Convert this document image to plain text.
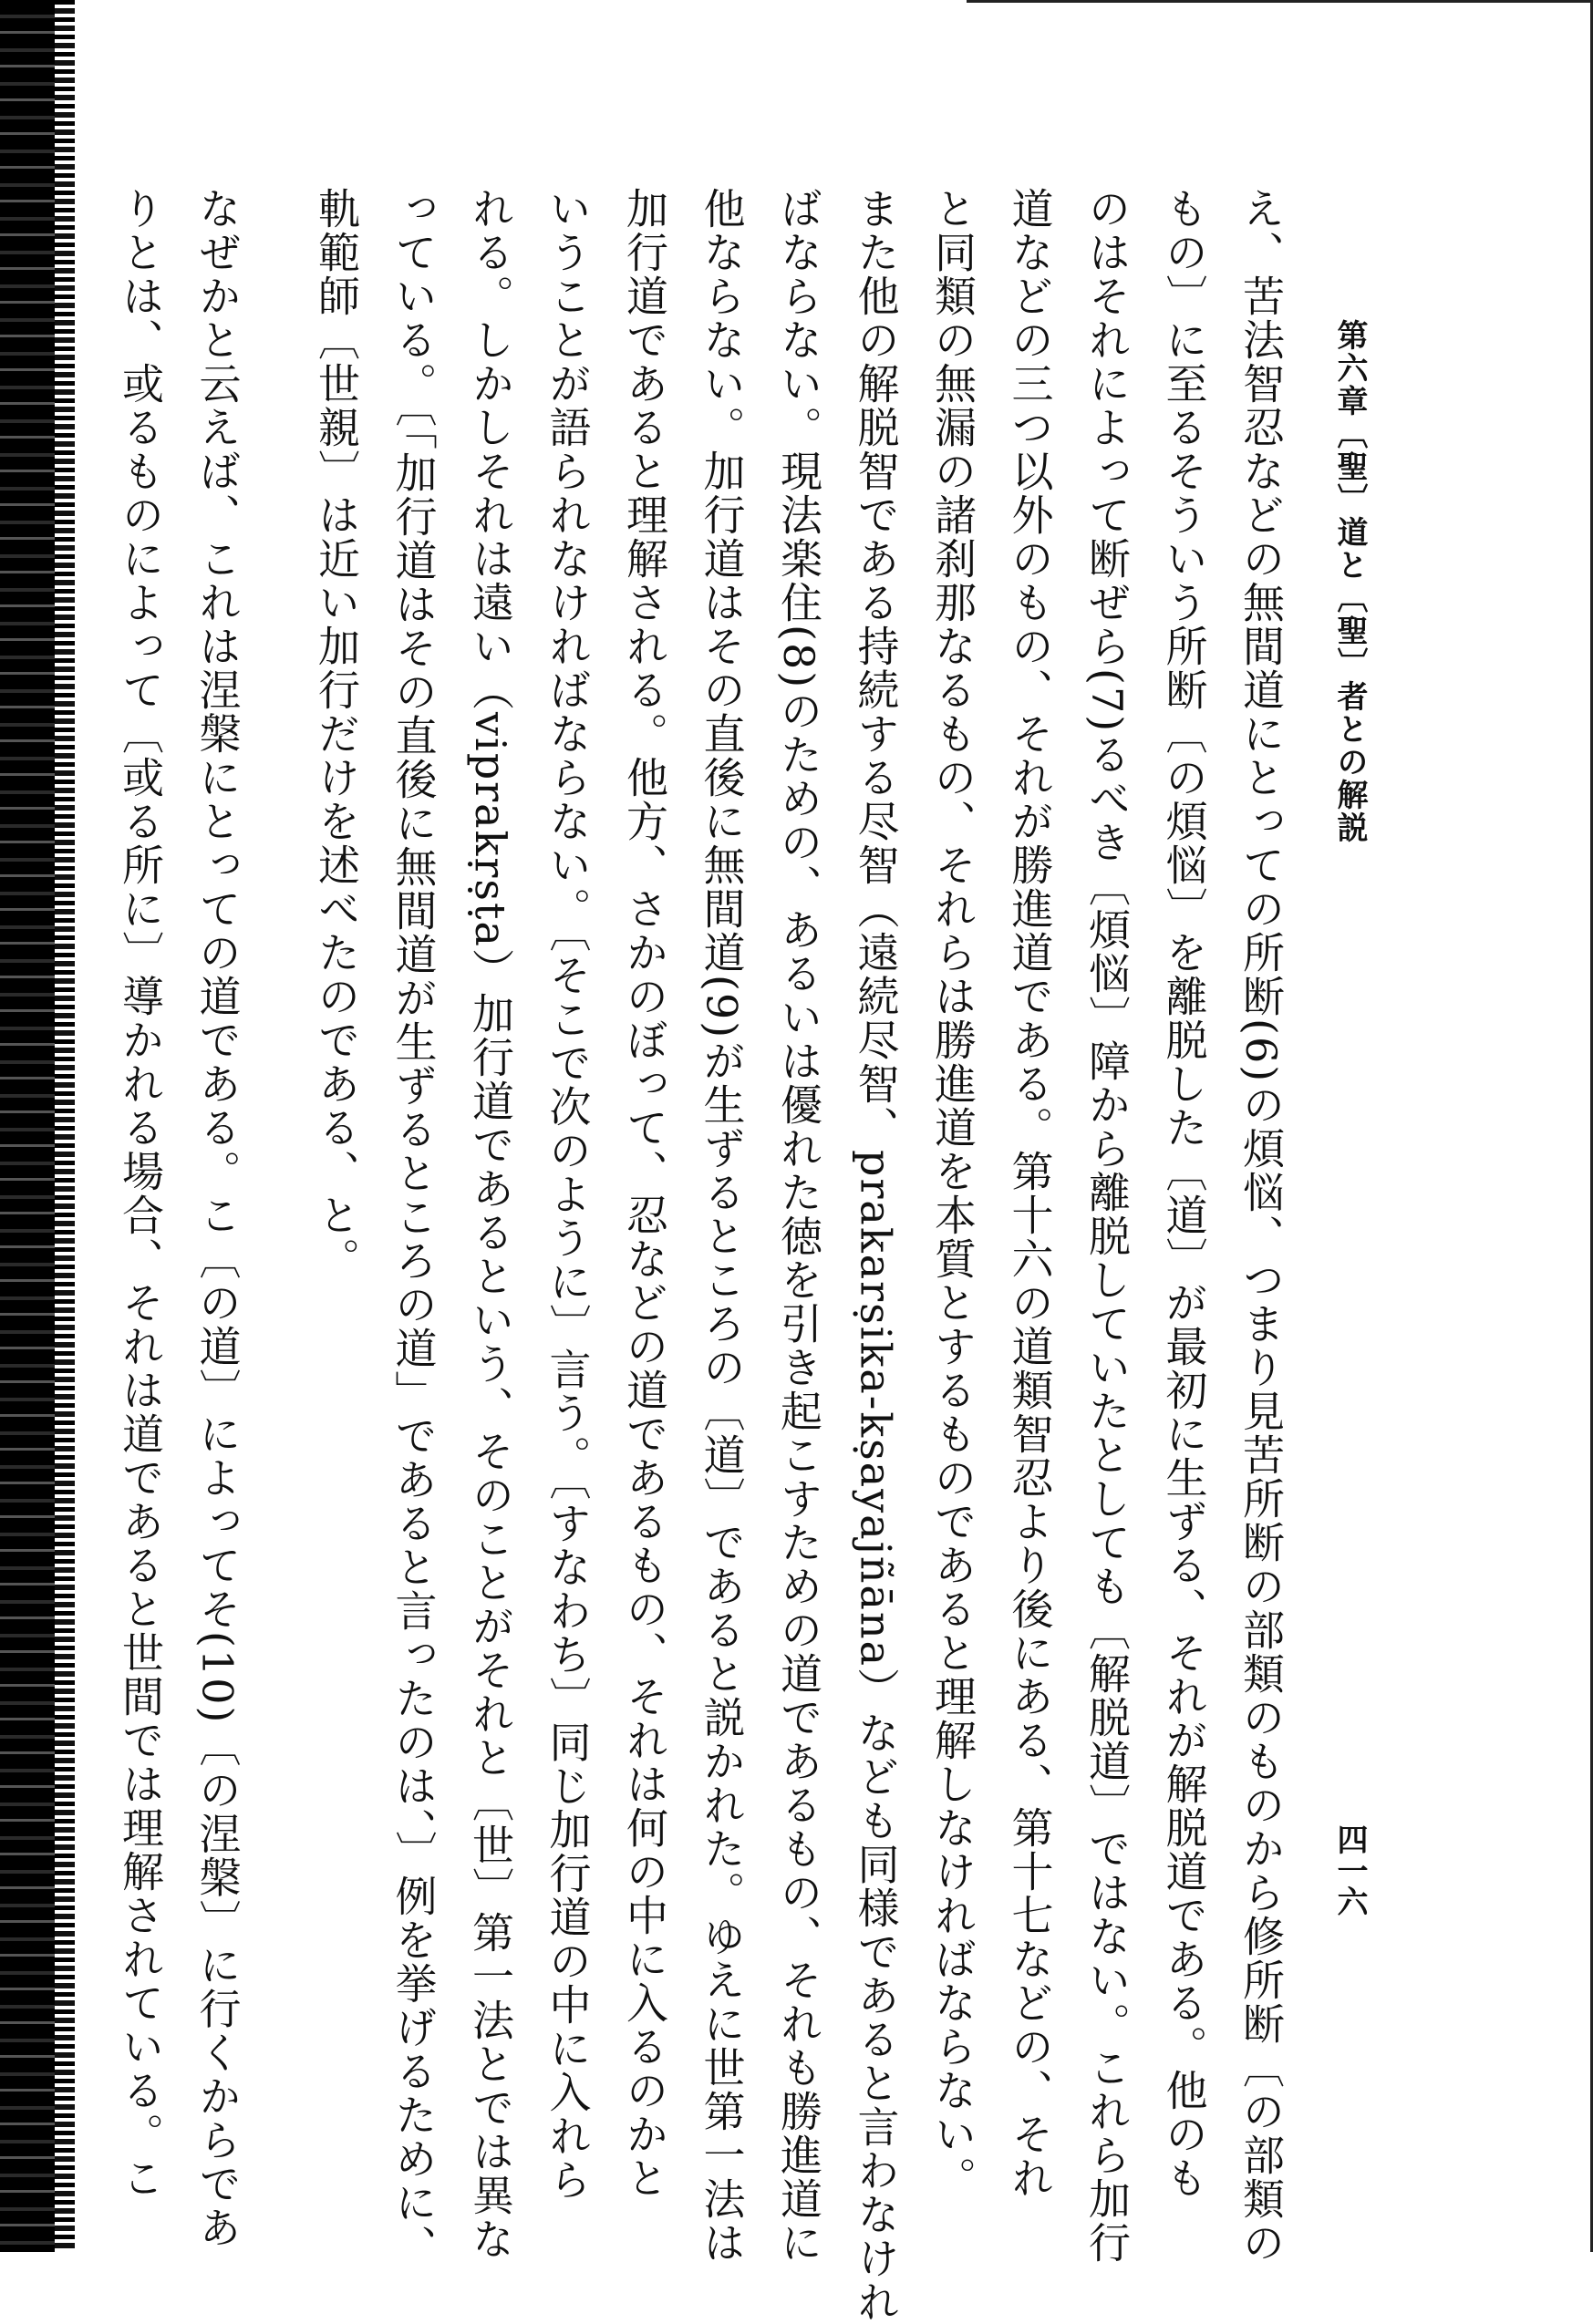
第六章〔聖〕道と〔聖〕者との解説
四一六
え、苦法智忍などの無間道にとっての所断(6)の煩悩、つまり見苦所断の部類のものから修所断〔の部類の
もの〕に至るそういう所断〔の煩悩〕を離脱した〔道〕が最初に生ずる、それが解脱道である。他のも
のはそれによって断ぜら(7)るべき〔煩悩〕障から離脱していたとしても〔解脱道〕ではない。これら加行
道などの三つ以外のもの、それが勝進道である。第十六の道類智忍より後にある、第十七などの、それ
と同類の無漏の諸刹那なるもの、それらは勝進道を本質とするものであると理解しなければならない。
また他の解脱智である持続する尽智（遠続尽智、prakarṣika-kṣayajñāna）なども同様であると言わなけれ
ばならない。現法楽住(8)のための、あるいは優れた徳を引き起こすための道であるもの、それも勝進道に
他ならない。加行道はその直後に無間道(9)が生ずるところの〔道〕であると説かれた。ゆえに世第一法は
加行道であると理解される。他方、さかのぼって、忍などの道であるもの、それは何の中に入るのかと
いうことが語られなければならない。〔そこで次のように〕言う。〔すなわち〕同じ加行道の中に入れら
れる。しかしそれは遠い（viprakṛṣṭa）加行道であるという、そのことがそれと〔世〕第一法とでは異な
っている。〔「加行道はその直後に無間道が生ずるところの道」であると言ったのは、〕例を挙げるために、
軌範師〔世親〕は近い加行だけを述べたのである、と。
なぜかと云えば、これは涅槃にとっての道である。こ〔の道〕によってそ(10)〔の涅槃〕に行くからであ
りとは、或るものによって〔或る所に〕導かれる場合、それは道であると世間では理解されている。こ
